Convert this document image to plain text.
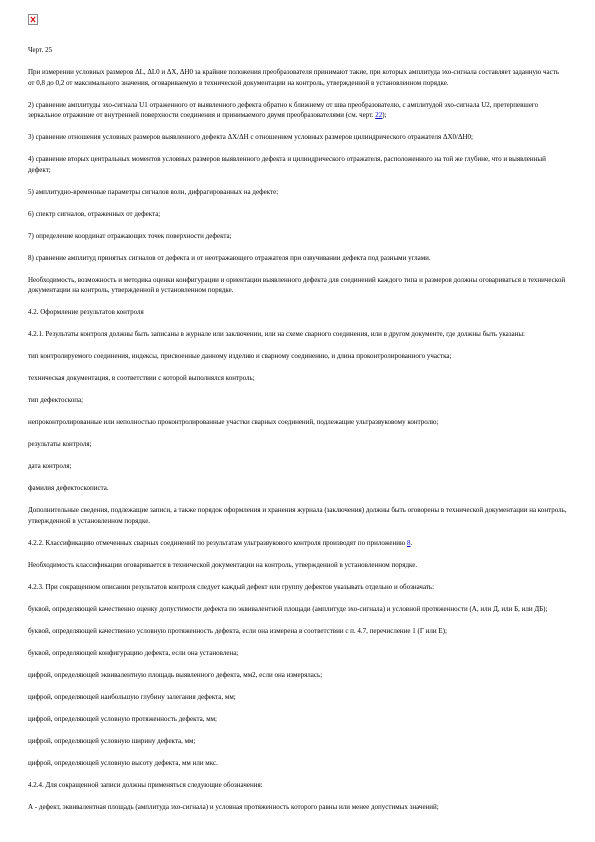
Черт. 25

При измерении условных размеров ΔL, ΔL0 и ΔХ, ΔН0 за крайние положения преобразователя принимают такие, при которых амплитуда эхо-сигнала составляет заданную часть от 0,8 до 0,2 от максимального значения, оговариваемую в технической документации на контроль, утвержденной в установленном порядке.

2) сравнение амплитуды эхо-сигнала U1 отраженного от выявленного дефекта обратно к ближнему от шва преобразователю, с амплитудой эхо-сигнала U2, претерпевшего зеркальное отражение от внутренней поверхности соединения и принимаемого двумя преобразователями (см. черт. 22);

3) сравнение отношения условных размеров выявленного дефекта ΔХ/ΔН с отношением условных размеров цилиндрического отражателя ΔХ0/ΔН0;

4) сравнение вторых центральных моментов условных размеров выявленного дефекта и цилиндрического отражателя, расположенного на той же глубине, что и выявленный дефект;

5) амплитудно-временные параметры сигналов волн, дифрагированных на дефекте;

6) спектр сигналов, отраженных от дефекта;

7) определение координат отражающих точек поверхности дефекта;

8) сравнение амплитуд принятых сигналов от дефекта и от неотражающего отражателя при озвучивании дефекта под разными углами.

Необходимость, возможность и методика оценки конфигурации и ориентации выявленного дефекта для соединений каждого типа и размеров должны оговариваться в технической документации на контроль, утвержденной в установленном порядке.

4.2. Оформление результатов контроля

4.2.1. Результаты контроля должны быть записаны в журнале или заключении, или на схеме сварного соединения, или в другом документе, где должны быть указаны:

тип контролируемого соединения, индексы, присвоенные данному изделию и сварному соединению, и длина проконтролированного участка;

техническая документация, в соответствии с которой выполнялся контроль;

тип дефектоскопа;

непроконтролированные или неполностью проконтролированные участки сварных соединений, подлежащие ультразвуковому контролю;

результаты контроля;

дата контроля;

фамилия дефектоскописта.

Дополнительные сведения, подлежащие записи, а также порядок оформления и хранения журнала (заключения) должны быть оговорены в технической документации на контроль, утвержденной в установленном порядке.

4.2.2. Классификацию отмеченных сварных соединений по результатам ультразвукового контроля производят по приложению 8.

Необходимость классификации оговаривается в технической документации на контроль, утвержденной в установленном порядке.

4.2.3. При сокращенном описании результатов контроля следует каждый дефект или группу дефектов указывать отдельно и обозначать:

буквой, определяющей качественно оценку допустимости дефекта по эквивалентной площади (амплитуде эхо-сигнала) и условной протяженности (А, или Д, или Б, или ДБ);

буквой, определяющей качественно условную протяженность дефекта, если она измерена в соответствии с п. 4.7, перечисление 1 (Г или Е);

буквой, определяющей конфигурацию дефекта, если она установлена;

цифрой, определяющей эквивалентную площадь выявленного дефекта, мм2, если она измерялась;

цифрой, определяющей наибольшую глубину залегания дефекта, мм;

цифрой, определяющей условную протяженность дефекта, мм;

цифрой, определяющей условную ширину дефекта, мм;

цифрой, определяющей условную высоту дефекта, мм или мкс.

4.2.4. Для сокращенной записи должны применяться следующие обозначения:

А - дефект, эквивалентная площадь (амплитуда эхо-сигнала) и условная протяженность которого равны или менее допустимых значений;
